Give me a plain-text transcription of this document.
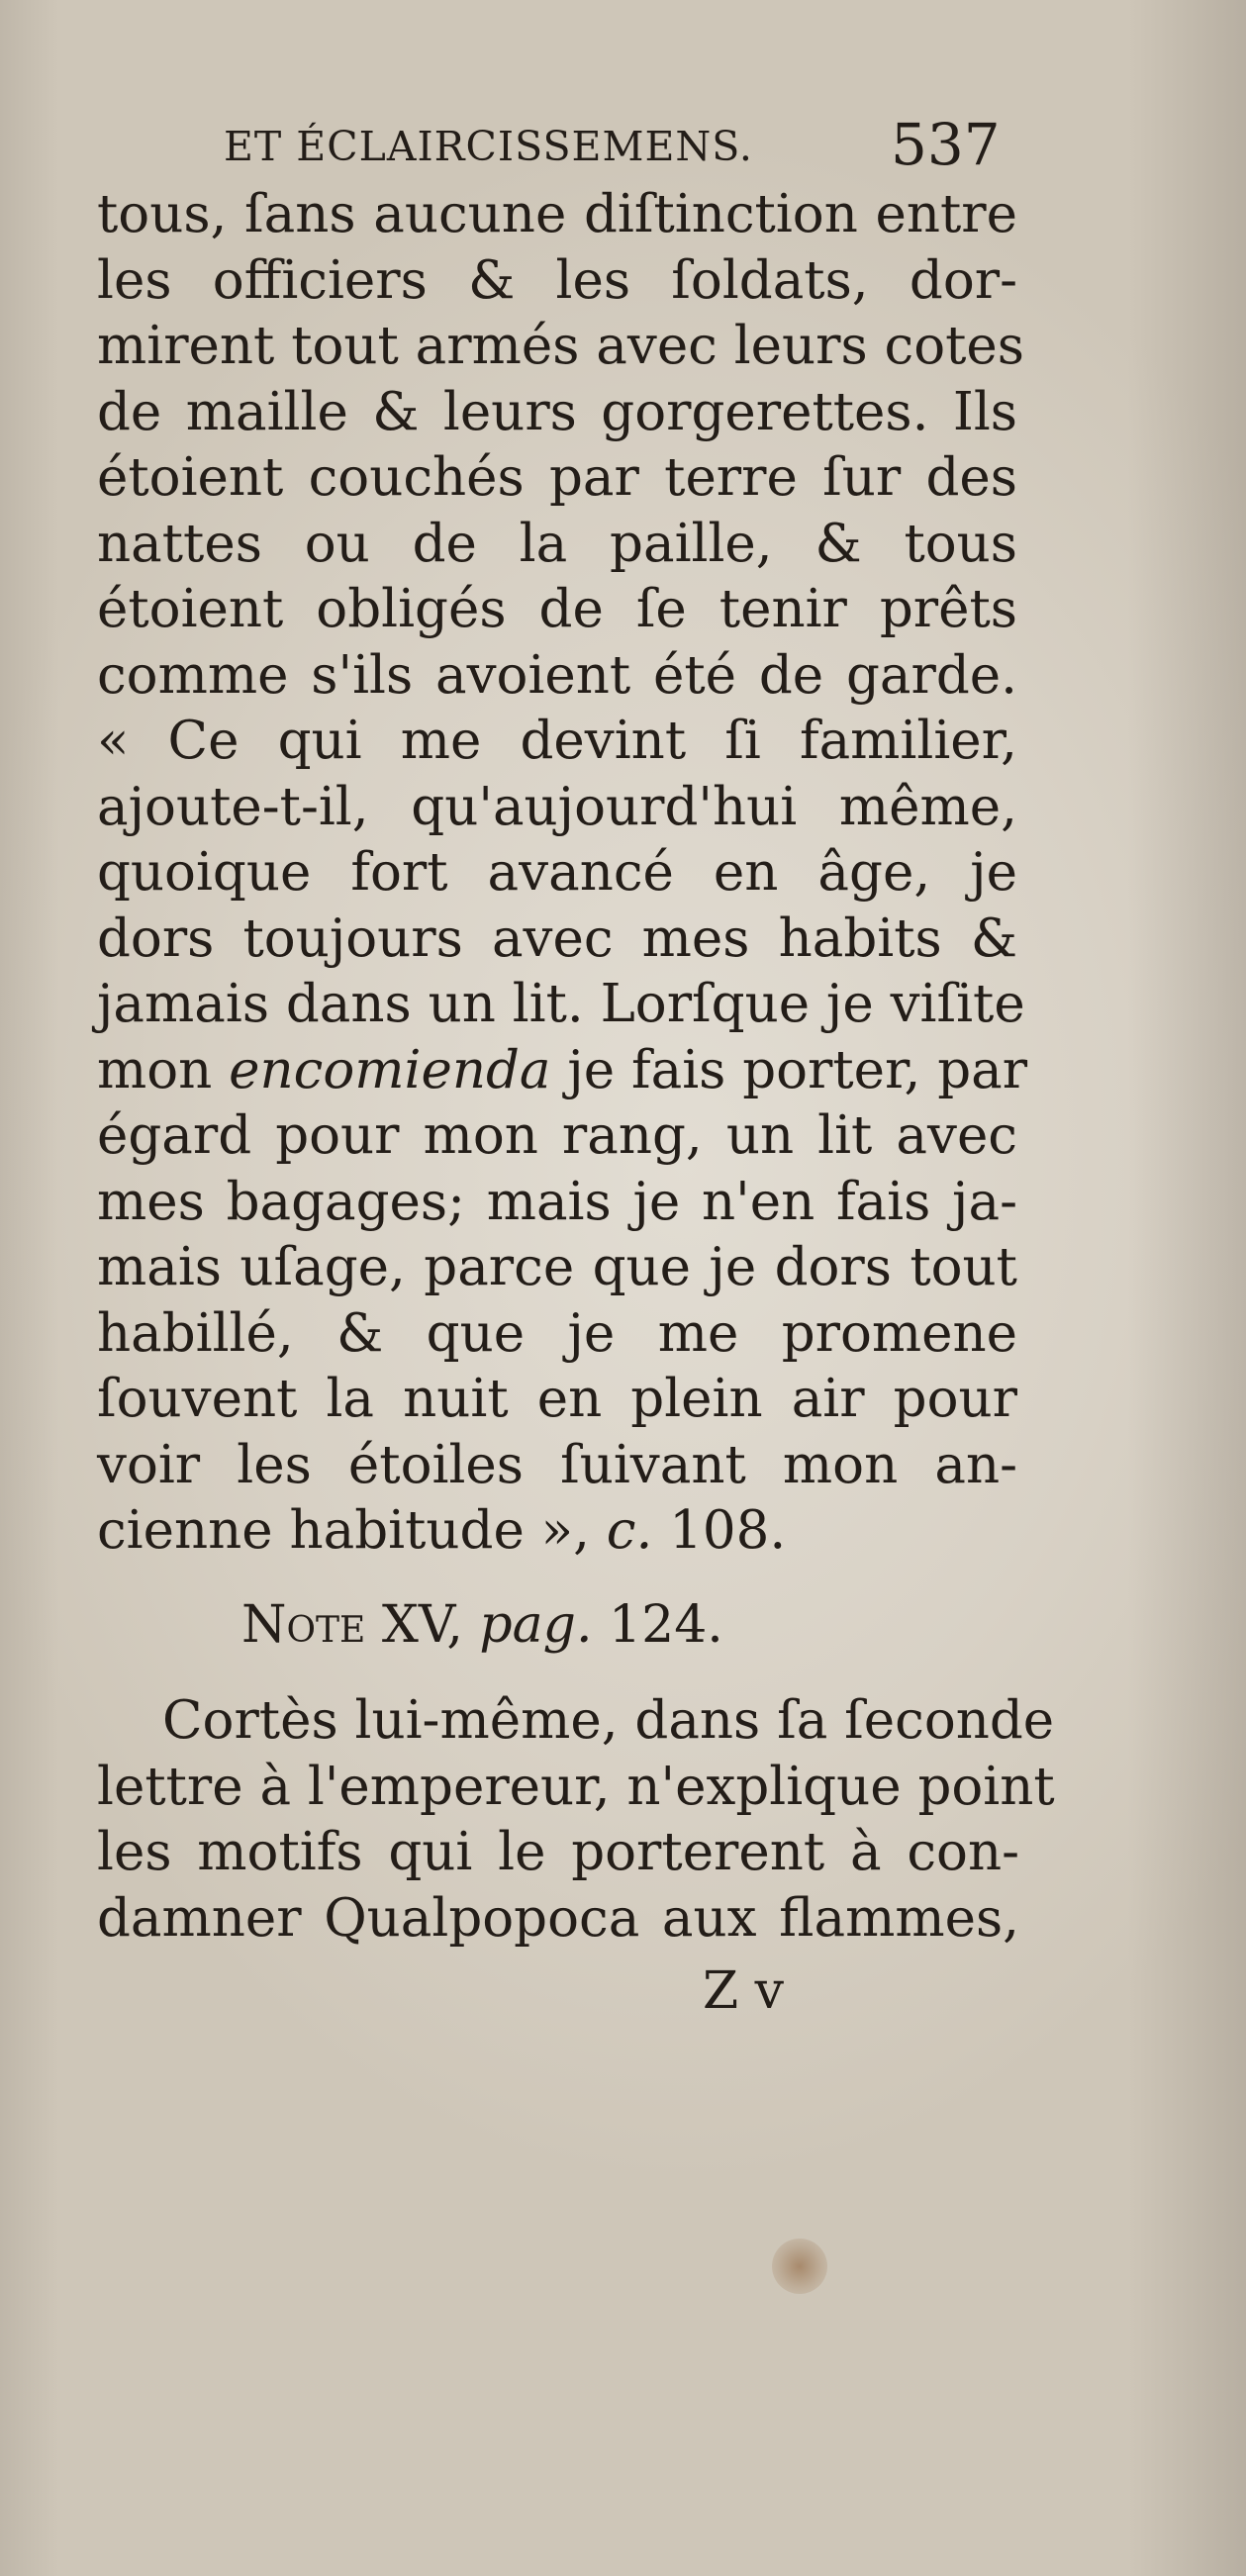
ET ÉCLAIRCISSEMENS. 537
tous, ſans aucune diſtinction entre
les officiers & les ſoldats, dor-
mirent tout armés avec leurs cotes
de maille & leurs gorgerettes. Ils
étoient couchés par terre ſur des
nattes ou de la paille, & tous
étoient obligés de ſe tenir prêts
comme s'ils avoient été de garde.
« Ce qui me devint ſi familier,
ajoute-t-il, qu'aujourd'hui même,
quoique fort avancé en âge, je
dors toujours avec mes habits &
jamais dans un lit. Lorſque je viſite
mon encomienda je fais porter, par
égard pour mon rang, un lit avec
mes bagages; mais je n'en fais ja-
mais uſage, parce que je dors tout
habillé, & que je me promene
ſouvent la nuit en plein air pour
voir les étoiles ſuivant mon an-
cienne habitude », c. 108.
Note XV, pag. 124.
Cortès lui-même, dans ſa ſeconde
lettre à l'empereur, n'explique point
les motifs qui le porterent à con-
damner Qualpopoca aux flammes,
Z v
